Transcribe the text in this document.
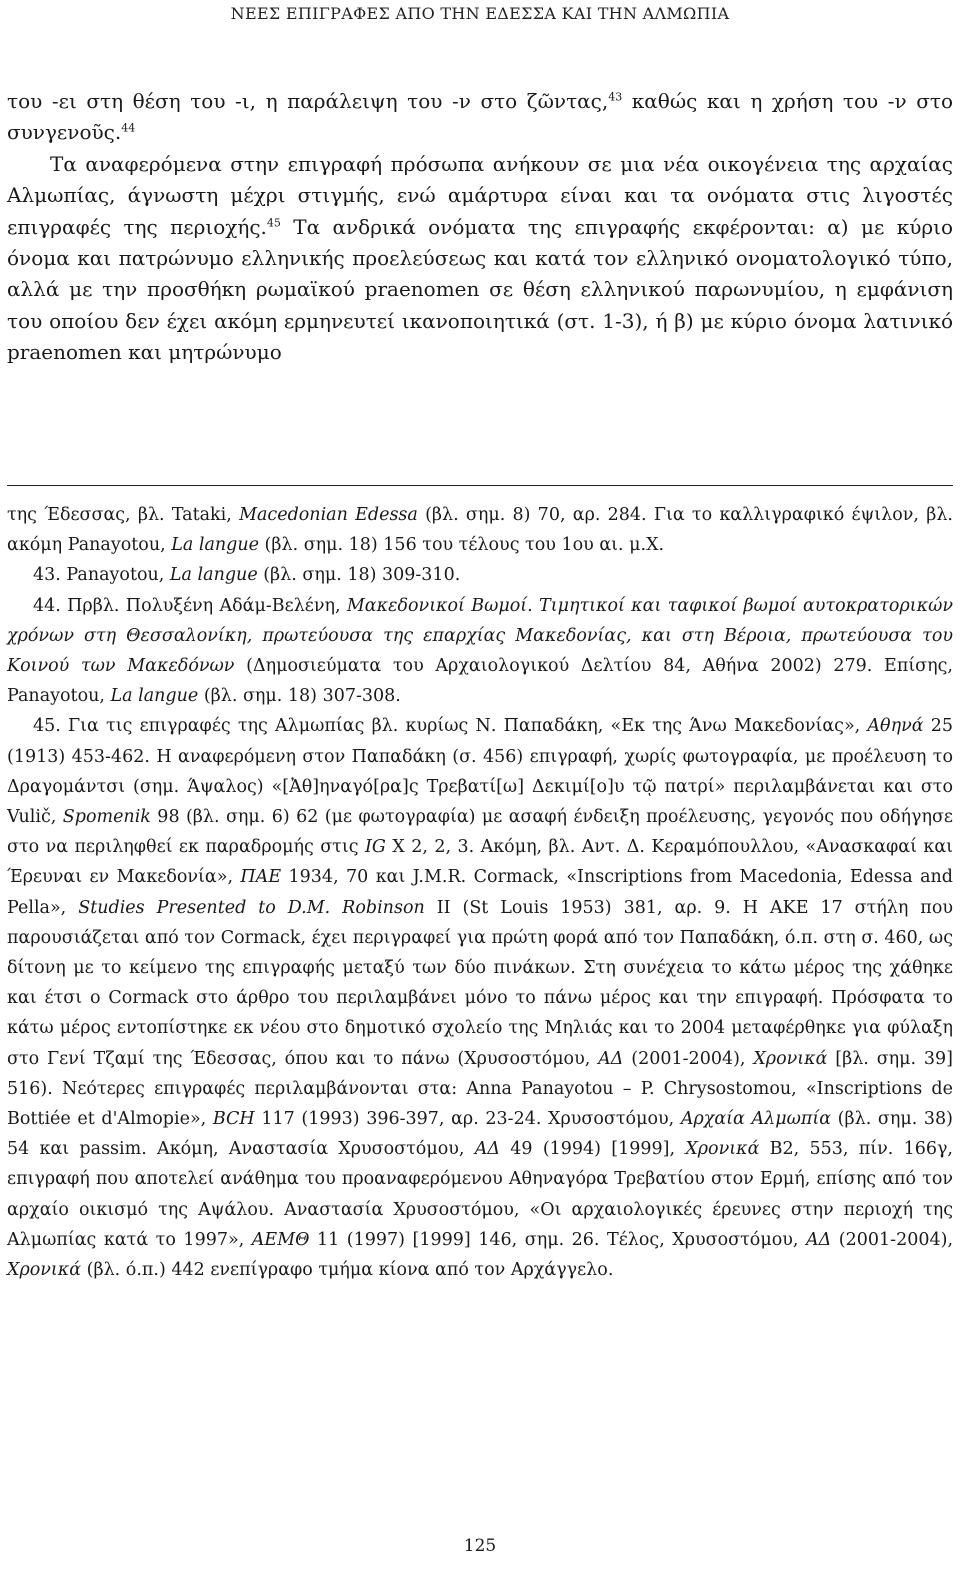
ΝΕΕΣ ΕΠΙΓΡΑΦΕΣ ΑΠΟ ΤΗΝ ΕΔΕΣΣΑ ΚΑΙ ΤΗΝ ΑΛΜΩΠΙΑ

του -ει στη θέση του -ι, η παράλειψη του -ν στο ζῶντας,$^{43}$ καθώς και η χρήση του -ν στο συνγενοῦς.$^{44}$

Τα αναφερόμενα στην επιγραφή πρόσωπα ανήκουν σε μια νέα οικογένεια της αρχαίας Αλμωπίας, άγνωστη μέχρι στιγμής, ενώ αμάρτυρα είναι και τα ονόματα στις λιγοστές επιγραφές της περιοχής.$^{45}$ Τα ανδρικά ονόματα της επιγραφής εκφέρονται: α) με κύριο όνομα και πατρώνυμο ελληνικής προελεύσεως και κατά τον ελληνικό ονοματολογικό τύπο, αλλά με την προσθήκη ρωμαϊκού praenomen σε θέση ελληνικού παρωνυμίου, η εμφάνιση του οποίου δεν έχει ακόμη ερμηνευτεί ικανοποιητικά (στ. 1-3), ή β) με κύριο όνομα λατινικό praenomen και μητρώνυμο

της Έδεσσας, βλ. Tataki, Macedonian Edessa (βλ. σημ. 8) 70, αρ. 284. Για το καλλιγραφικό έψιλον, βλ. ακόμη Panayotou, La langue (βλ. σημ. 18) 156 του τέλους του 1ου αι. μ.Χ.

43. Panayotou, La langue (βλ. σημ. 18) 309-310.

44. Πρβλ. Πολυξένη Αδάμ-Βελένη, Μακεδονικοί Βωμοί. Τιμητικοί και ταφικοί βωμοί αυτοκρατορικών χρόνων στη Θεσσαλονίκη, πρωτεύουσα της επαρχίας Μακεδονίας, και στη Βέροια, πρωτεύουσα του Κοινού των Μακεδόνων (Δημοσιεύματα του Αρχαιολογικού Δελτίου 84, Αθήνα 2002) 279. Επίσης, Panayotou, La langue (βλ. σημ. 18) 307-308.

45. Για τις επιγραφές της Αλμωπίας βλ. κυρίως Ν. Παπαδάκη, «Εκ της Άνω Μακεδονίας», Αθηνά 25 (1913) 453-462. Η αναφερόμενη στον Παπαδάκη (σ. 456) επιγραφή, χωρίς φωτογραφία, με προέλευση το Δραγομάντσι (σημ. Άψαλος) «[Ἀθ]ηναγό[ρα]ς Τρεβατί[ω] Δεκιμί[ο]υ τῷ πατρί» περιλαμβάνεται και στο Vulič, Spomenik 98 (βλ. σημ. 6) 62 (με φωτογραφία) με ασαφή ένδειξη προέλευσης, γεγονός που οδήγησε στο να περιληφθεί εκ παραδρομής στις IG X 2, 2, 3. Ακόμη, βλ. Αντ. Δ. Κεραμόπουλλου, «Ανασκαφαί και Έρευναι εν Μακεδονία», ΠΑΕ 1934, 70 και J.M.R. Cormack, «Inscriptions from Macedonia, Edessa and Pella», Studies Presented to D.M. Robinson II (St Louis 1953) 381, αρ. 9. Η ΑΚΕ 17 στήλη που παρουσιάζεται από τον Cormack, έχει περιγραφεί για πρώτη φορά από τον Παπαδάκη, ό.π. στη σ. 460, ως δίτονη με το κείμενο της επιγραφής μεταξύ των δύο πινάκων. Στη συνέχεια το κάτω μέρος της χάθηκε και έτσι ο Cormack στο άρθρο του περιλαμβάνει μόνο το πάνω μέρος και την επιγραφή. Πρόσφατα το κάτω μέρος εντοπίστηκε εκ νέου στο δημοτικό σχολείο της Μηλιάς και το 2004 μεταφέρθηκε για φύλαξη στο Γενί Τζαμί της Έδεσσας, όπου και το πάνω (Χρυσοστόμου, ΑΔ (2001-2004), Χρονικά [βλ. σημ. 39] 516). Νεότερες επιγραφές περιλαμβάνονται στα: Anna Panayotou – P. Chrysostomou, «Inscriptions de Bottiée et d'Almopie», BCH 117 (1993) 396-397, αρ. 23-24. Χρυσοστόμου, Αρχαία Αλμωπία (βλ. σημ. 38) 54 και passim. Ακόμη, Αναστασία Χρυσοστόμου, ΑΔ 49 (1994) [1999], Χρονικά Β2, 553, πίν. 166γ, επιγραφή που αποτελεί ανάθημα του προαναφερόμενου Αθηναγόρα Τρεβατίου στον Ερμή, επίσης από τον αρχαίο οικισμό της Αψάλου. Αναστασία Χρυσοστόμου, «Οι αρχαιολογικές έρευνες στην περιοχή της Αλμωπίας κατά το 1997», ΑΕΜΘ 11 (1997) [1999] 146, σημ. 26. Τέλος, Χρυσοστόμου, ΑΔ (2001-2004), Χρονικά (βλ. ό.π.) 442 ενεπίγραφο τμήμα κίονα από τον Αρχάγγελο.

125
